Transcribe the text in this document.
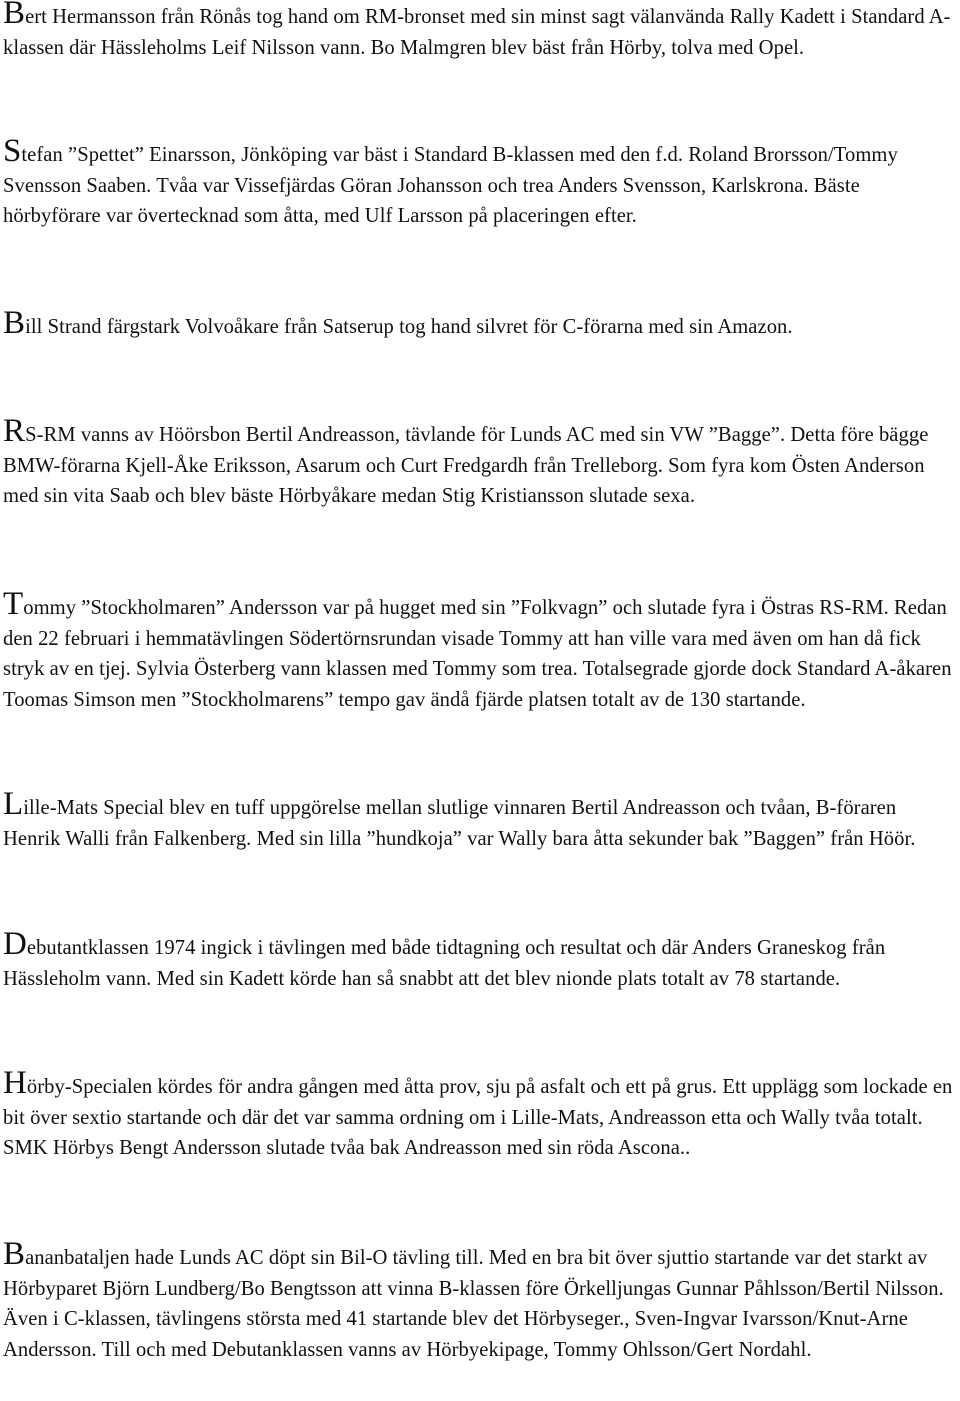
Bert Hermansson från Rönås tog hand om RM-bronset med sin minst sagt välanvända Rally Kadett i Standard A-klassen där Hässleholms Leif Nilsson vann. Bo Malmgren blev bäst från Hörby, tolva med Opel.

Stefan ”Spettet” Einarsson, Jönköping var bäst i Standard B-klassen med den f.d. Roland Brorsson/Tommy Svensson Saaben. Tvåa var Vissefjärdas Göran Johansson och trea Anders Svensson, Karlskrona. Bäste hörbyförare var övertecknad som åtta, med Ulf Larsson på placeringen efter.

Bill Strand färgstark Volvoåkare från Satserup tog hand silvret för C-förarna med sin Amazon.

RS-RM vanns av Höörsbon Bertil Andreasson, tävlande för Lunds AC med sin VW ”Bagge”. Detta före bägge BMW-förarna Kjell-Åke Eriksson, Asarum och Curt Fredgardh från Trelleborg. Som fyra kom Östen Anderson med sin vita Saab och blev bäste Hörbyåkare medan Stig Kristiansson slutade sexa.

Tommy ”Stockholmaren” Andersson var på hugget med sin ”Folkvagn” och slutade fyra i Östras RS-RM. Redan den 22 februari i hemmatävlingen Södertörnsrundan visade Tommy att han ville vara med även om han då fick stryk av en tjej. Sylvia Österberg vann klassen med Tommy som trea. Totalsegrade gjorde dock Standard A-åkaren Toomas Simson men ”Stockholmarens” tempo gav ändå fjärde platsen totalt av de 130 startande.

Lille-Mats Special blev en tuff uppgörelse mellan slutlige vinnaren Bertil Andreasson och tvåan, B-föraren Henrik Walli från Falkenberg. Med sin lilla ”hundkoja” var Wally bara åtta sekunder bak ”Baggen” från Höör.

Debutantklassen 1974 ingick i tävlingen med både tidtagning och resultat och där Anders Graneskog från Hässleholm vann. Med sin Kadett körde han så snabbt att det blev nionde plats totalt av 78 startande.

Hörby-Specialen kördes för andra gången med åtta prov, sju på asfalt och ett på grus. Ett upplägg som lockade en bit över sextio startande och där det var samma ordning om i Lille-Mats, Andreasson etta och Wally tvåa totalt. SMK Hörbys Bengt Andersson slutade tvåa bak Andreasson med sin röda Ascona..

Bananbataljen hade Lunds AC döpt sin Bil-O tävling till. Med en bra bit över sjuttio startande var det starkt av Hörbyparet Björn Lundberg/Bo Bengtsson att vinna B-klassen före Örkelljungas Gunnar Påhlsson/Bertil Nilsson. Även i C-klassen, tävlingens största med 41 startande blev det Hörbyseger., Sven-Ingvar Ivarsson/Knut-Arne Andersson. Till och med Debutanklassen vanns av Hörbyekipage, Tommy Ohlsson/Gert Nordahl.
